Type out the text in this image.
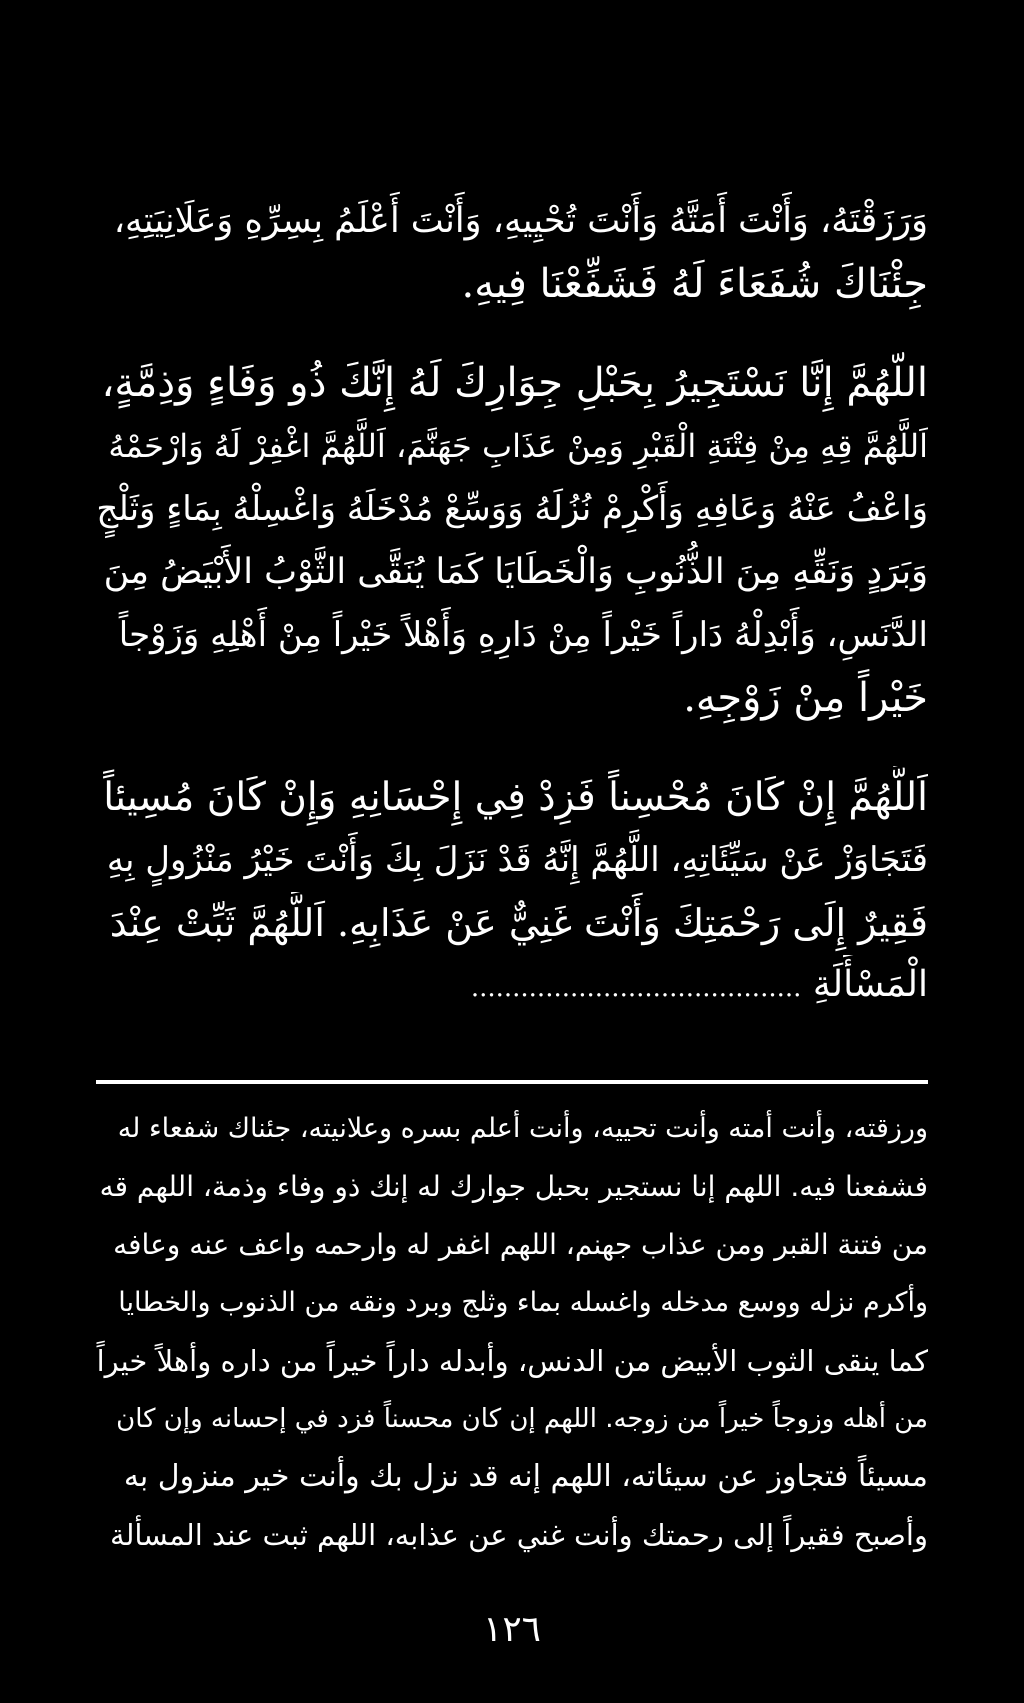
وَرَزَقْتَهُ، وَأَنْتَ أَمَتَّهُ وَأَنْتَ تُحْيِيهِ، وَأَنْتَ أَعْلَمُ بِسِرِّهِ وَعَلَانِيَتِهِ،
جِئْنَاكَ شُفَعَاءَ لَهُ فَشَفِّعْنَا فِيهِ.
اللَّهُمَّ إِنَّا نَسْتَجِيرُ بِحَبْلِ جِوَارِكَ لَهُ إِنَّكَ ذُو وَفَاءٍ وَذِمَّةٍ،
اَللَّهُمَّ قِهِ مِنْ فِتْنَةِ الْقَبْرِ وَمِنْ عَذَابِ جَهَنَّمَ، اَللَّهُمَّ اغْفِرْ لَهُ وَارْحَمْهُ
وَاعْفُ عَنْهُ وَعَافِهِ وَأَكْرِمْ نُزُلَهُ وَوَسِّعْ مُدْخَلَهُ وَاغْسِلْهُ بِمَاءٍ وَثَلْجٍ
وَبَرَدٍ وَنَقِّهِ مِنَ الذُّنُوبِ وَالْخَطَايَا كَمَا يُنَقَّى الثَّوْبُ الأَبْيَضُ مِنَ
الدَّنَسِ، وَأَبْدِلْهُ دَاراً خَيْراً مِنْ دَارِهِ وَأَهْلاً خَيْراً مِنْ أَهْلِهِ وَزَوْجاً
خَيْراً مِنْ زَوْجِهِ.
اَللَّهُمَّ إِنْ كَانَ مُحْسِناً فَزِدْ فِي إِحْسَانِهِ وَإِنْ كَانَ مُسِيئاً
فَتَجَاوَزْ عَنْ سَيِّئَاتِهِ، اللَّهُمَّ إِنَّهُ قَدْ نَزَلَ بِكَ وَأَنْتَ خَيْرُ مَنْزُولٍ بِهِ
فَقِيرٌ إِلَى رَحْمَتِكَ وَأَنْتَ غَنِيٌّ عَنْ عَذَابِهِ. اَللَّهُمَّ ثَبِّتْ عِنْدَ
الْمَسْأَلَةِ ........................................
ورزقته، وأنت أمته وأنت تحييه، وأنت أعلم بسره وعلانيته، جئناك شفعاء له
فشفعنا فيه. اللهم إنا نستجير بحبل جوارك له إنك ذو وفاء وذمة، اللهم قه
من فتنة القبر ومن عذاب جهنم، اللهم اغفر له وارحمه واعف عنه وعافه
وأكرم نزله ووسع مدخله واغسله بماء وثلج وبرد ونقه من الذنوب والخطايا
كما ينقى الثوب الأبيض من الدنس، وأبدله داراً خيراً من داره وأهلاً خيراً
من أهله وزوجاً خيراً من زوجه. اللهم إن كان محسناً فزد في إحسانه وإن كان
مسيئاً فتجاوز عن سيئاته، اللهم إنه قد نزل بك وأنت خير منزول به
وأصبح فقيراً إلى رحمتك وأنت غني عن عذابه، اللهم ثبت عند المسألة
١٢٦
